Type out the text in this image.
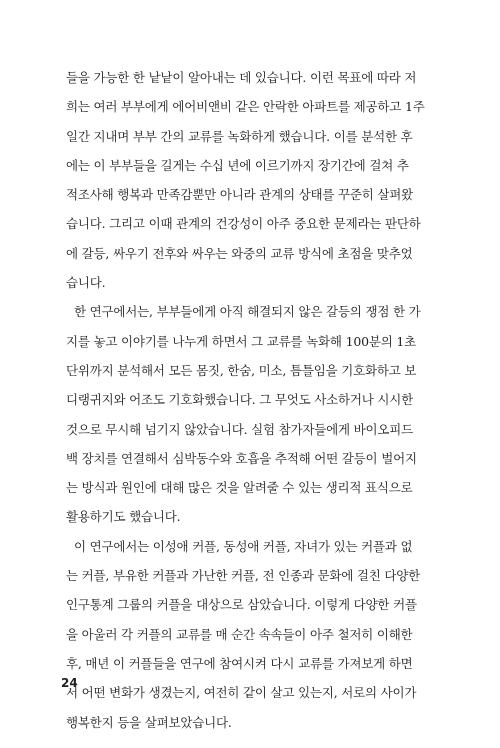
들을 가능한 한 낱낱이 알아내는 데 있습니다. 이런 목표에 따라 저
희는 여러 부부에게 에어비앤비 같은 안락한 아파트를 제공하고 1주
일간 지내며 부부 간의 교류를 녹화하게 했습니다. 이를 분석한 후
에는 이 부부들을 길게는 수십 년에 이르기까지 장기간에 걸쳐 추
적조사해 행복과 만족감뿐만 아니라 관계의 상태를 꾸준히 살펴왔
습니다. 그리고 이때 관계의 건강성이 아주 중요한 문제라는 판단하
에 갈등, 싸우기 전후와 싸우는 와중의 교류 방식에 초점을 맞추었
습니다.
한 연구에서는, 부부들에게 아직 해결되지 않은 갈등의 쟁점 한 가
지를 놓고 이야기를 나누게 하면서 그 교류를 녹화해 100분의 1초
단위까지 분석해서 모든 몸짓, 한숨, 미소, 틈틀임을 기호화하고 보
디랭귀지와 어조도 기호화했습니다. 그 무엇도 사소하거나 시시한
것으로 무시해 넘기지 않았습니다. 실험 참가자들에게 바이오피드
백 장치를 연결해서 심박동수와 호흡을 추적해 어떤 갈등이 벌어지
는 방식과 원인에 대해 많은 것을 알려줄 수 있는 생리적 표식으로
활용하기도 했습니다.
이 연구에서는 이성애 커플, 동성애 커플, 자녀가 있는 커플과 없
는 커플, 부유한 커플과 가난한 커플, 전 인종과 문화에 걸친 다양한
인구통계 그룹의 커플을 대상으로 삼았습니다. 이렇게 다양한 커플
을 아울러 각 커플의 교류를 매 순간 속속들이 아주 철저히 이해한
후, 매년 이 커플들을 연구에 참여시켜 다시 교류를 가져보게 하면
서 어떤 변화가 생겼는지, 여전히 같이 살고 있는지, 서로의 사이가
행복한지 등을 살펴보았습니다.
24
